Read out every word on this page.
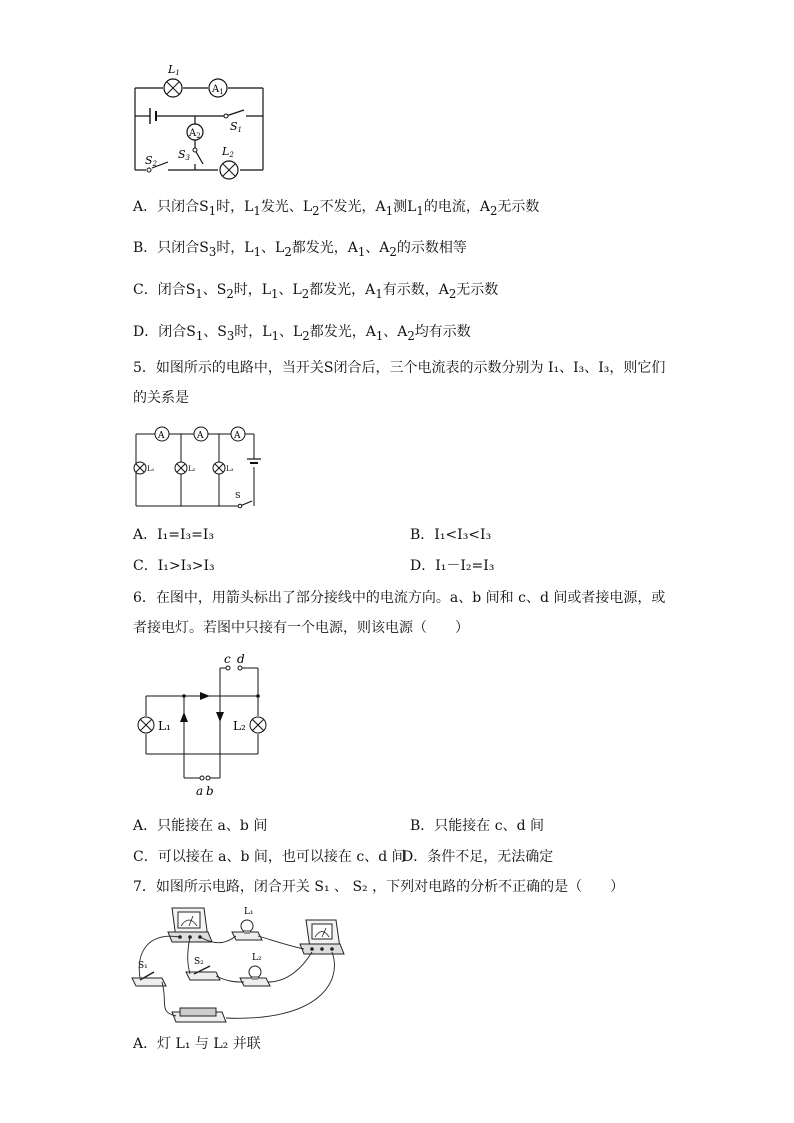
$A_1$
$A_2$
L1
S1
S2
S3	L2
A．只闭合$S_1$时，$L_1$发光、$L_2$不发光，$A_1$测$L_1$的电流，$A_2$无示数
B．只闭合$S_3$时，$L_1$、$L_2$都发光，$A_1$、$A_2$的示数相等
C．闭合$S_1$、$S_2$时，$L_1$、$L_2$都发光，$A_1$有示数，$A_2$无示数
D．闭合$S_1$、$S_3$时，$L_1$、$L_2$都发光，$A_1$、$A_2$均有示数
5．如图所示的电路中，当开关S闭合后，三个电流表的示数分别为 I₁、I₃、I₃，则它们
的关系是
A	A	A
L₁	L₂	L₃
S
A．I₁=I₃=I₃	B．I₁<I₃<I₃
C．I₁>I₃>I₃	D．I₁－I₂=I₃
6．在图中，用箭头标出了部分接线中的电流方向。a、b 间和 c、d 间或者接电源，或
者接电灯。若图中只接有一个电源，则该电源（　　）
L₁	L₂
c d
a b
A．只能接在 a、b 间	B．只能接在 c、d 间
C．可以接在 a、b 间，也可以接在 c、d 间
D．条件不足，无法确定
7．如图所示电路，闭合开关 S₁ 、 S₂ ，下列对电路的分析不正确的是（　　）
L₁
S₁	S₂	L₂
A．灯 L₁ 与 L₂ 并联
